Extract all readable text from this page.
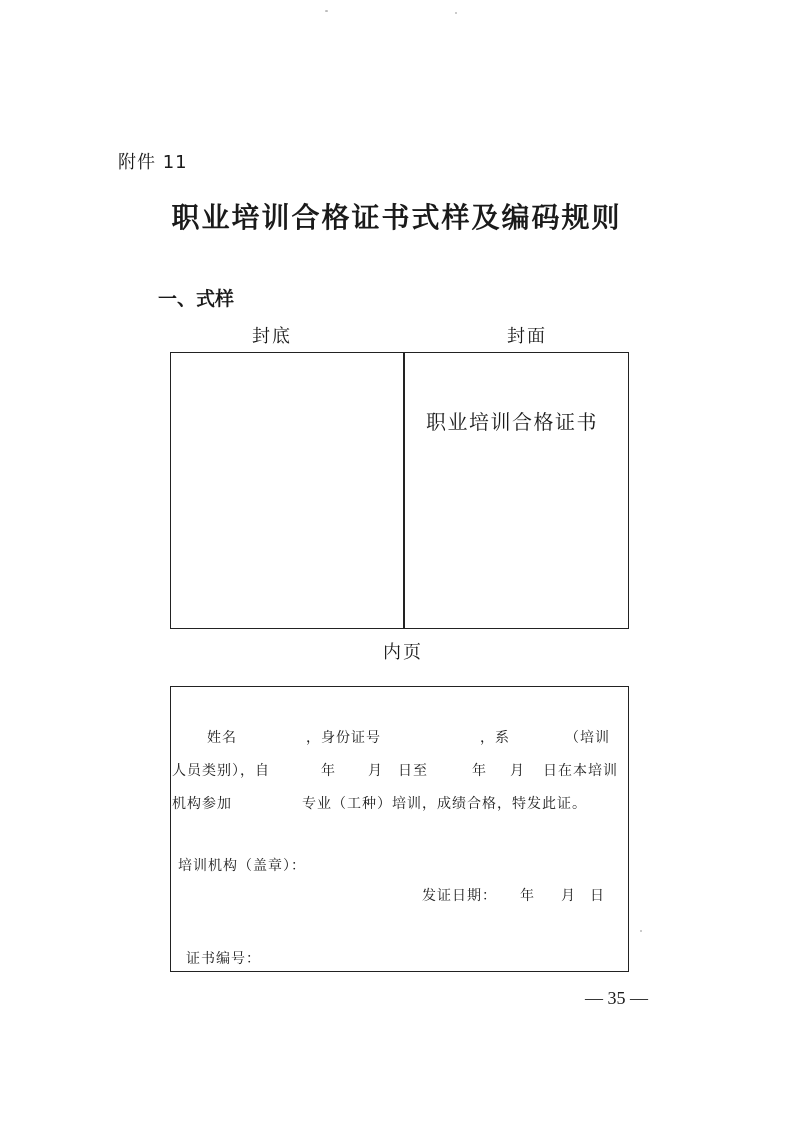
附件 11
职业培训合格证书式样及编码规则
一、式样
封底	封面
职业培训合格证书
内页
姓名	，身份证号	，系	（培训
人员类别），自	年 月 日至	年 月 日在本培训
机构参加	专业（工种）培训，成绩合格，特发此证。
培训机构（盖章）：
发证日期： 年 月 日
证书编号：
— 35 —
